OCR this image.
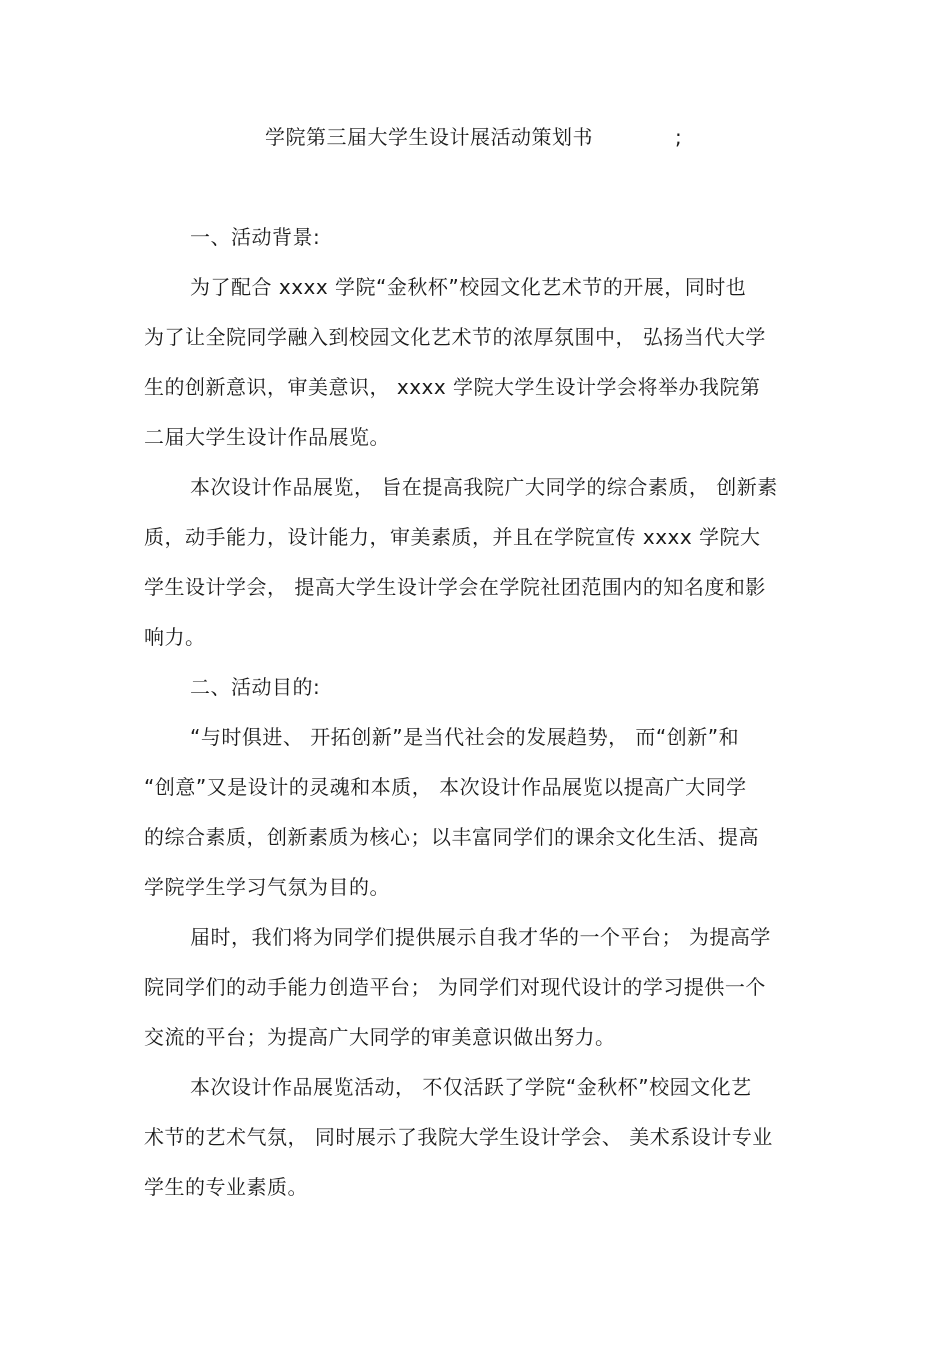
学院第三届大学生设计展活动策划书	;
一、活动背景:
为了配合 xxxx 学院“金秋杯”校园文化艺术节的开展，同时也
为了让全院同学融入到校园文化艺术节的浓厚氛围中， 弘扬当代大学
生的创新意识，审美意识， xxxx 学院大学生设计学会将举办我院第
二届大学生设计作品展览。
本次设计作品展览， 旨在提高我院广大同学的综合素质， 创新素
质，动手能力，设计能力，审美素质，并且在学院宣传 xxxx 学院大
学生设计学会， 提高大学生设计学会在学院社团范围内的知名度和影
响力。
二、活动目的:
“与时俱进、 开拓创新”是当代社会的发展趋势， 而“创新”和
“创意”又是设计的灵魂和本质， 本次设计作品展览以提高广大同学
的综合素质，创新素质为核心；以丰富同学们的课余文化生活、提高
学院学生学习气氛为目的。
届时，我们将为同学们提供展示自我才华的一个平台； 为提高学
院同学们的动手能力创造平台； 为同学们对现代设计的学习提供一个
交流的平台；为提高广大同学的审美意识做出努力。
本次设计作品展览活动， 不仅活跃了学院“金秋杯”校园文化艺
术节的艺术气氛， 同时展示了我院大学生设计学会、 美术系设计专业
学生的专业素质。
